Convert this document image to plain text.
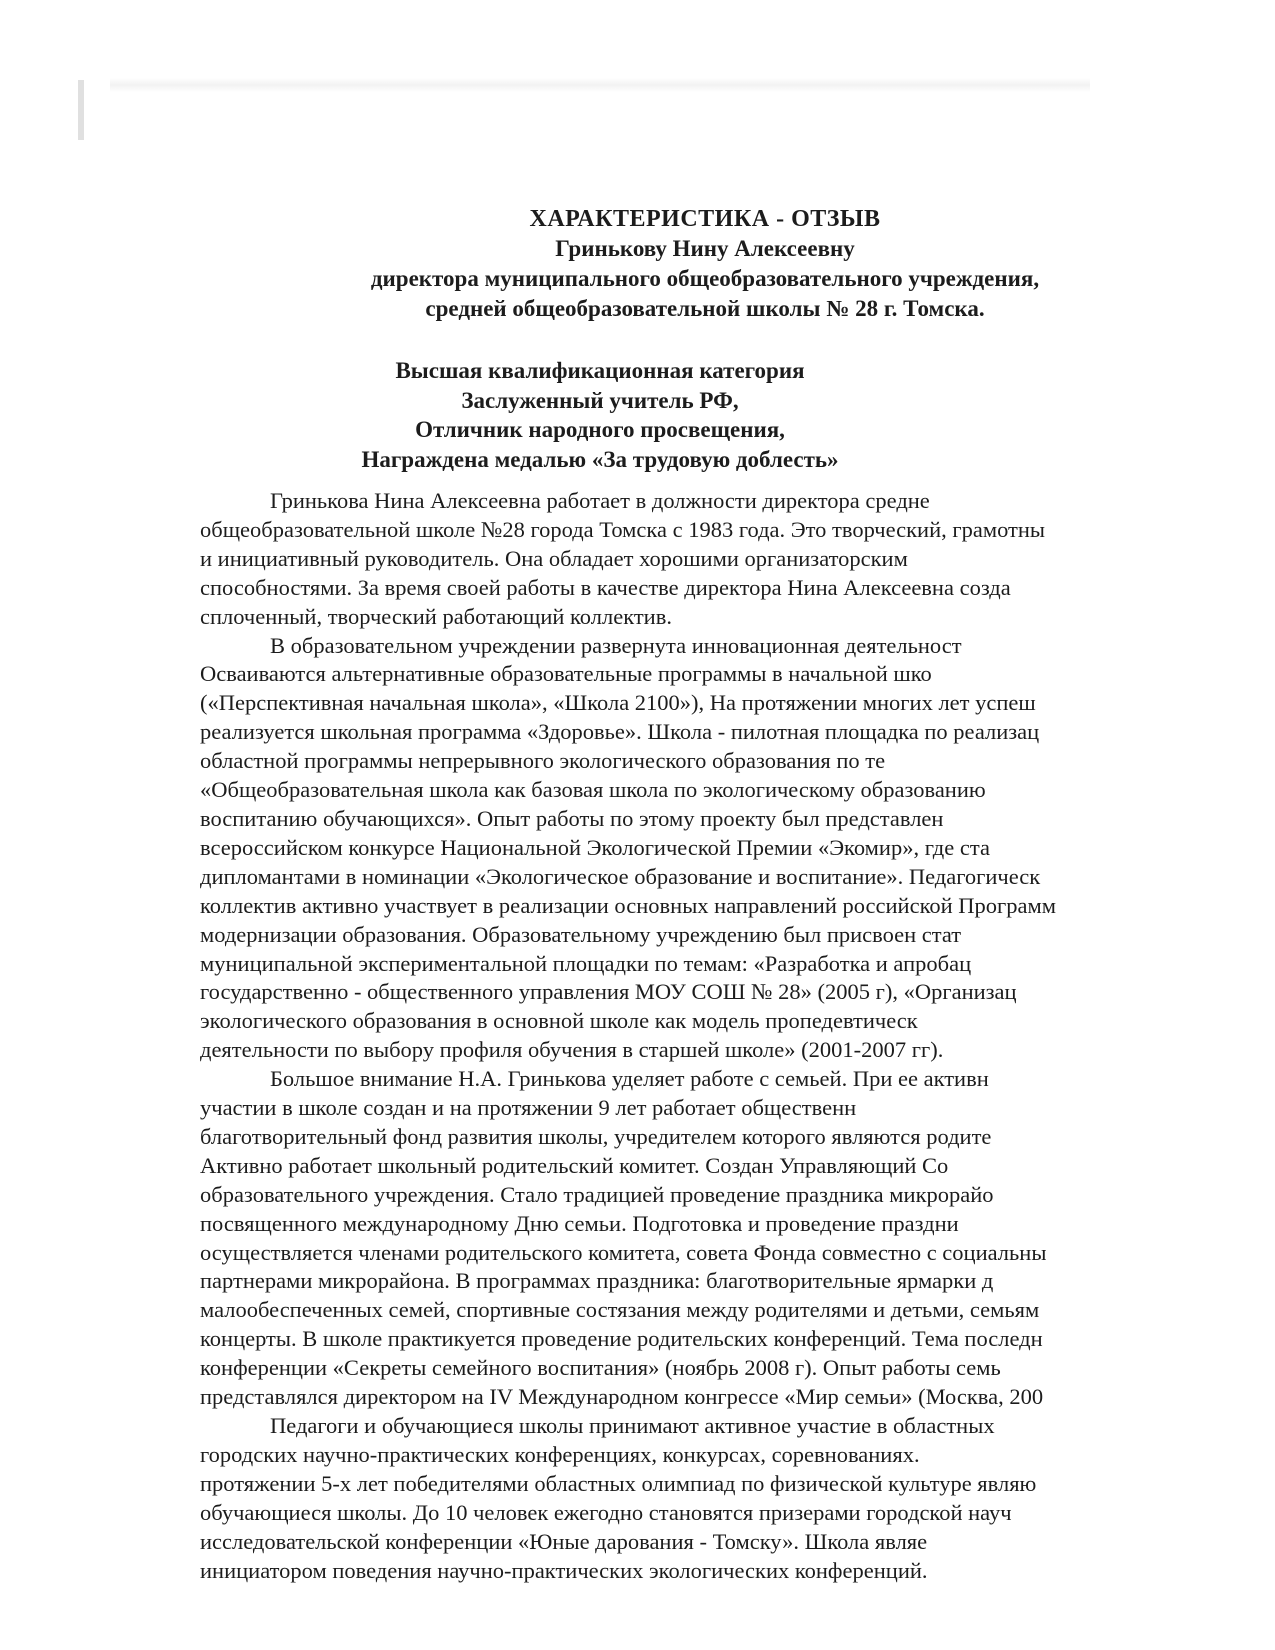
ХАРАКТЕРИСТИКА - ОТЗЫВ
Гринькову Нину Алексеевну
директора муниципального общеобразовательного учреждения,
средней общеобразовательной школы № 28 г. Томска.
Высшая квалификационная категория
Заслуженный учитель РФ,
Отличник народного просвещения,
Награждена медалью «За трудовую доблесть»
Гринькова Нина Алексеевна работает в должности директора средне
общеобразовательной школе №28 города Томска с 1983 года. Это творческий, грамотны
и инициативный руководитель. Она обладает хорошими организаторским
способностями. За время своей работы в качестве директора Нина Алексеевна созда
сплоченный, творческий работающий коллектив.
В образовательном учреждении развернута инновационная деятельност
Осваиваются альтернативные образовательные программы в начальной шко
(«Перспективная начальная школа», «Школа 2100»), На протяжении многих лет успеш
реализуется школьная программа «Здоровье». Школа - пилотная площадка по реализац
областной программы непрерывного экологического образования по те
«Общеобразовательная школа как базовая школа по экологическому образованию
воспитанию обучающихся». Опыт работы по этому проекту был представлен
всероссийском конкурсе Национальной Экологической Премии «Экомир», где ста
дипломантами в номинации «Экологическое образование и воспитание». Педагогическ
коллектив активно участвует в реализации основных направлений российской Программ
модернизации образования. Образовательному учреждению был присвоен стат
муниципальной экспериментальной площадки по темам: «Разработка и апробац
государственно - общественного управления МОУ СОШ № 28» (2005 г), «Организац
экологического образования в основной школе как модель пропедевтическ
деятельности по выбору профиля обучения в старшей школе» (2001-2007 гг).
Большое внимание Н.А. Гринькова уделяет работе с семьей. При ее активн
участии в школе создан и на протяжении 9 лет работает общественн
благотворительный фонд развития школы, учредителем которого являются родите
Активно работает школьный родительский комитет. Создан Управляющий Со
образовательного учреждения. Стало традицией проведение праздника микрорайо
посвященного международному Дню семьи. Подготовка и проведение праздни
осуществляется членами родительского комитета, совета Фонда совместно с социальны
партнерами микрорайона. В программах праздника: благотворительные ярмарки д
малообеспеченных семей, спортивные состязания между родителями и детьми, семьям
концерты. В школе практикуется проведение родительских конференций. Тема последн
конференции «Секреты семейного воспитания» (ноябрь 2008 г). Опыт работы семь
представлялся директором на IV Международном конгрессе «Мир семьи» (Москва, 200
Педагоги и обучающиеся школы принимают активное участие в областных
городских научно-практических конференциях, конкурсах, соревнованиях.
протяжении 5-х лет победителями областных олимпиад по физической культуре являю
обучающиеся школы. До 10 человек ежегодно становятся призерами городской науч
исследовательской конференции «Юные дарования - Томску». Школа являе
инициатором поведения научно-практических экологических конференций.
